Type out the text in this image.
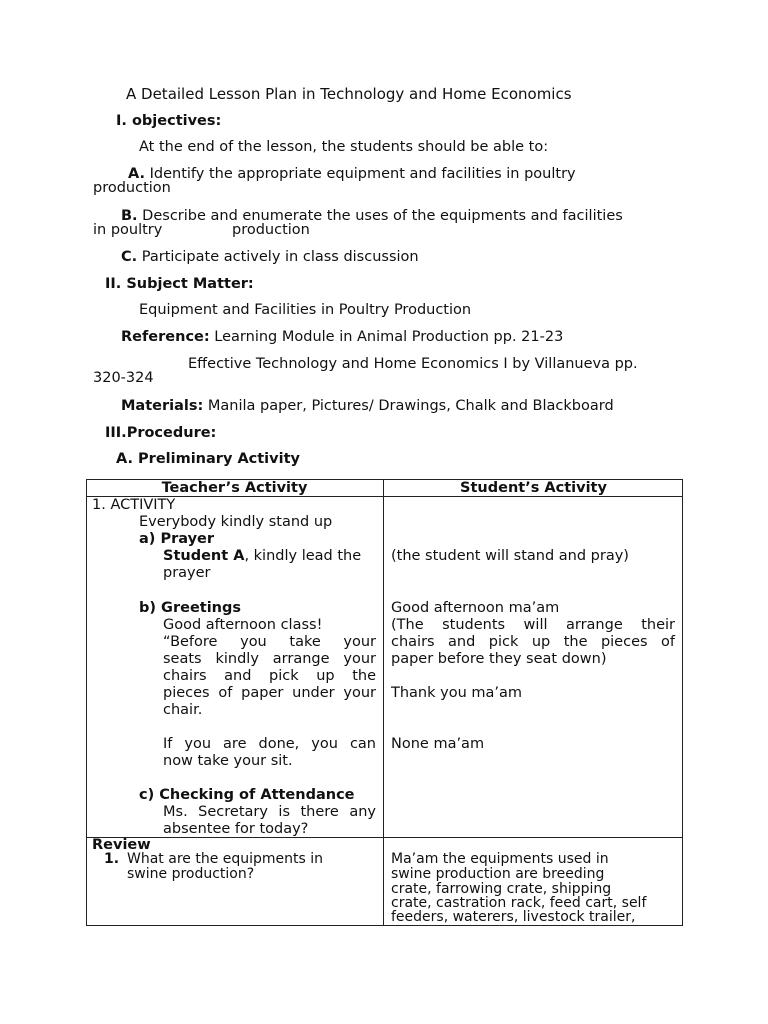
A Detailed Lesson Plan in Technology and Home Economics
I. objectives:
At the end of the lesson, the students should be able to:
A. Identify the appropriate equipment and facilities in poultry
production
B. Describe and enumerate the uses of the equipments and facilities
in poultry	production
C. Participate actively in class discussion
II. Subject Matter:
Equipment and Facilities in Poultry Production
Reference: Learning Module in Animal Production pp. 21-23
Effective Technology and Home Economics I by Villanueva pp.
320-324
Materials: Manila paper, Pictures/ Drawings, Chalk and Blackboard
III.Procedure:
A. Preliminary Activity
Teacher’s Activity	Student’s Activity
1. ACTIVITY
Everybody kindly stand up
a) Prayer
Student A, kindly lead the
prayer
b) Greetings
Good afternoon class!
“Before you take your
seats kindly arrange your
chairs and pick up the
pieces of paper under your
chair.
If you are done, you can
now take your sit.
c) Checking of Attendance
Ms. Secretary is there any
absentee for today?
(the student will stand and pray)
Good afternoon ma’am
(The students will arrange their
chairs and pick up the pieces of
paper before they seat down)
Thank you ma’am
None ma’am
Review
1. What are the equipments in
swine production?
Ma’am the equipments used in
swine production are breeding
crate, farrowing crate, shipping
crate, castration rack, feed cart, self
feeders, waterers, livestock trailer,
